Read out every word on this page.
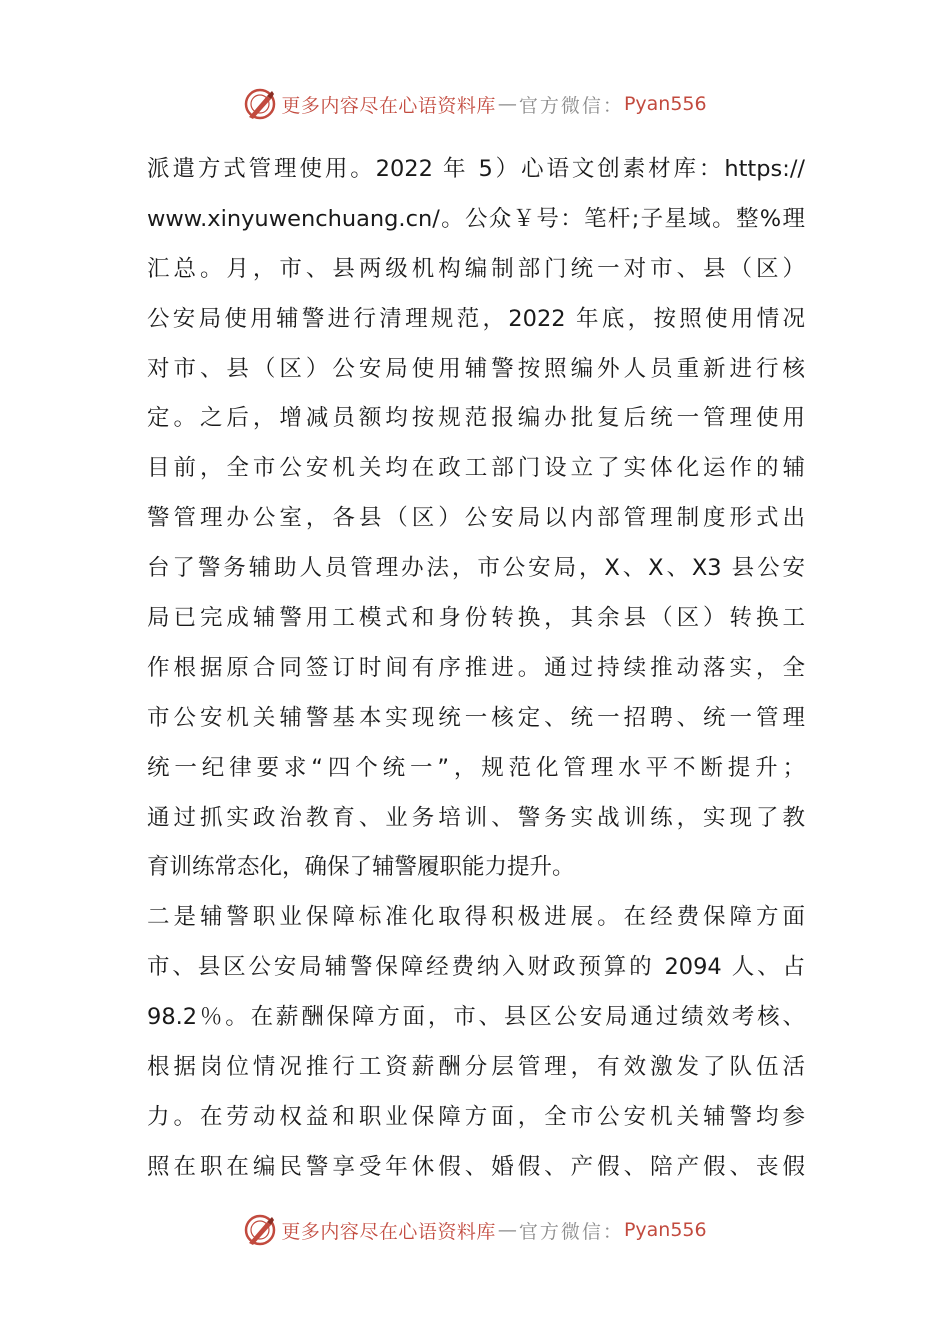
更多内容尽在心语资料库 — 官方微信： Pyan556
派遣方式管理使用。2022 年 5）心语文创素材库：https://
www.xinyuwenchuang.cn/。公众￥号：笔杆;子星域。整%理
汇总。月，市、县两级机构编制部门统一对市、县（区）
公安局使用辅警进行清理规范，2022 年底，按照使用情况
对市、县（区）公安局使用辅警按照编外人员重新进行核
定。之后，增减员额均按规范报编办批复后统一管理使用
目前，全市公安机关均在政工部门设立了实体化运作的辅
警管理办公室，各县（区）公安局以内部管理制度形式出
台了警务辅助人员管理办法，市公安局，X、X、X3 县公安
局已完成辅警用工模式和身份转换，其余县（区）转换工
作根据原合同签订时间有序推进。通过持续推动落实，全
市公安机关辅警基本实现统一核定、统一招聘、统一管理
统一纪律要求“四个统一”，规范化管理水平不断提升；
通过抓实政治教育、业务培训、警务实战训练，实现了教
育训练常态化，确保了辅警履职能力提升。
二是辅警职业保障标准化取得积极进展。在经费保障方面
市、县区公安局辅警保障经费纳入财政预算的 2094 人、占
98.2％。在薪酬保障方面，市、县区公安局通过绩效考核、
根据岗位情况推行工资薪酬分层管理，有效激发了队伍活
力。在劳动权益和职业保障方面，全市公安机关辅警均参
照在职在编民警享受年休假、婚假、产假、陪产假、丧假
更多内容尽在心语资料库 — 官方微信： Pyan556
